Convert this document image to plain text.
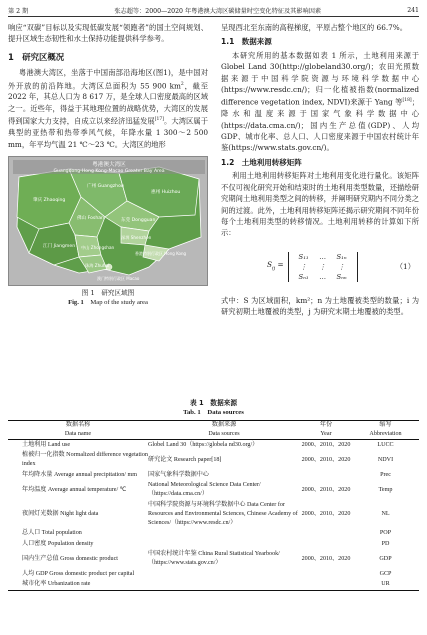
第 2 期	张志超等：2000—2020 年粤港澳大湾区碳储量时空变化特征及其影响因素	241

响应“双碳”目标以及实现低碳发展“领跑者”的国土空间规划、提升区域生态韧性和水土保持功能提供科学参考。

1　研究区概况

粤港澳大湾区，坐落于中国南部沿海地区(图1)，是中国对外开放的前沿阵地。大湾区总面积为 55 900 $km^2$，截至 2022 年，其总人口为 8 617 万，是全球人口密度最高的区域之一。近些年，得益于其地理位置的战略优势，大湾区的发展得到国家大力支持，自成立以来经济迅猛发展[17]。大湾区属于典型的亚热带和热带季风气候，年降水量 1 300～2 500 mm，年平均气温 21 ℃～23 ℃。大湾区的地形

粤港澳大湾区
Guangdong-Hong Kong-Macao Greater Bay Area
肇庆 Zhaoqing
广州 Guangzhou
惠州 Huizhou
佛山 Foshan	东莞 Dongguan
江门 Jiangmen 中山 Zhongshan
深圳 Shenzhen
珠海 Zhuhai
香港特别行政区 Hong Kong
澳门特别行政区 Macao
图 1　研究区域图
Fig. 1　 Map of the study area

呈现西北至东南的高程梯度，平原占整个地区的 66.7%。

1.1　数据来源

本研究所用的基本数据如表 1 所示，土地利用来源于 Globel Land 30(http://globeland30.org/)；农田光照数据来源于中国科学院资源与环境科学数据中心(https://www.resdc.cn/)；归一化植被指数(normalized difference vegetation index, NDVI)来源于 Yang 等[18]；降水和温度来源于国家气象科学数据中心(https://data.cma.cn/)；国内生产总值(GDP)、人均 GDP、城市化率、总人口、人口密度来源于中国农村统计年鉴(https://www.stats.gov.cn/)。

1.2　土地利用转移矩阵

利用土地利用转移矩阵对土地利用变化进行量化。该矩阵不仅可视化研究开始和结束时的土地利用类型数量，还描绘研究期间土地利用类型之间的转移，并阐明研究期内不同分类之间的过渡。此外，土地利用转移矩阵还揭示研究期间不同年份每个土地利用类型的转移情况。土地利用转移的计算如下所示：

$S_{ij}$ =
S₁₁	…	S₁ₙ
⋮	⋮	⋮
Sₙ₁	…	Sₙₙ
（1）

式中：S 为区域面积，km²；n 为土地覆被类型的数量；i 为研究初期土地覆被的类型，j 为研究末期土地覆被的类型。

表 1　数据来源
Tab. 1　Data sources
数据名称	数据来源	年份	缩写
Data name	Data sources	Year	Abbreviation
土地利用 Land use	Globel Land 30（https://globela nd30.org/）	2000、2010、2020	LUCC
植被归一化指数 Normalized difference vegetation index	研究论文 Research paper[18]	2000、2010、2020	NDVI
年均降水量 Average annual precipitation/ mm	国家气象科学数据中心		Prec
年均温度 Average annual temperature/ ℃	National Meteorological Science Data Center/（https://data.cma.cn/）	2000、2010、2020	Temp
夜间灯光数据 Night light data	中国科学院资源与环境科学数据中心 Data Center for Resources and Environmental Sciences, Chinese Academy of Sciences/（https://www.resdc.cn/）	2000、2010、2020	NL
总人口 Total population			POP
人口密度 Population density			PD
国内生产总值 Gross domestic product	中国农村统计年鉴 China Rural Statistical Yearbook/（https://www.stats.gov.cn/）	2000、2010、2020	GDP
人均 GDP Gross domestic product per capital			GCP
城市化率 Urbanization rate			UR
